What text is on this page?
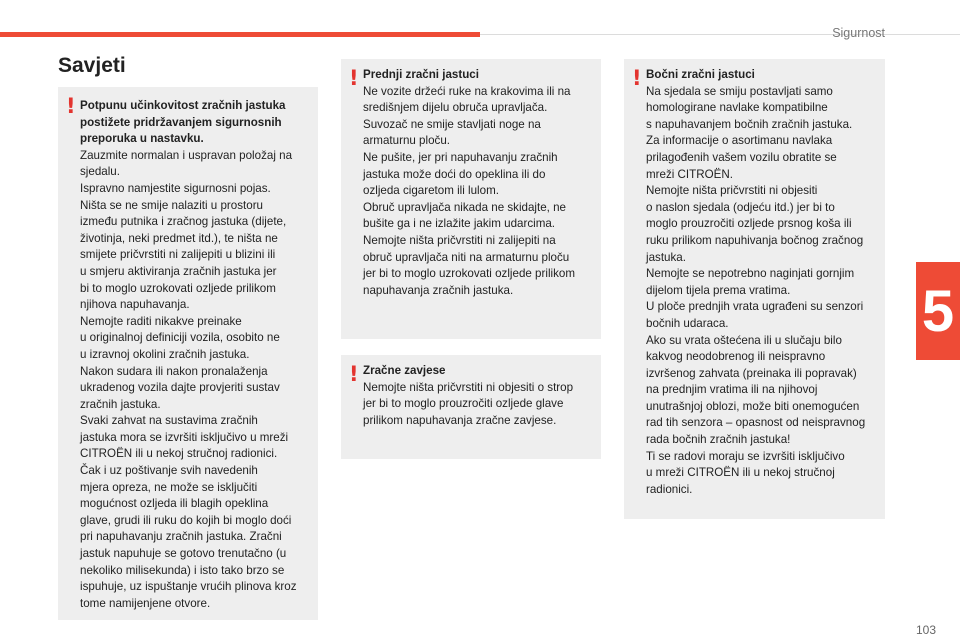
Sigurnost
5
Savjeti
! Potpunu učinkovitost zračnih jastuka
postižete pridržavanjem sigurnosnih
preporuka u nastavku.
Zauzmite normalan i uspravan položaj na
sjedalu.
Ispravno namjestite sigurnosni pojas.
Ništa se ne smije nalaziti u prostoru
između putnika i zračnog jastuka (dijete,
životinja, neki predmet itd.), te ništa ne
smijete pričvrstiti ni zalijepiti u blizini ili
u smjeru aktiviranja zračnih jastuka jer
bi to moglo uzrokovati ozljede prilikom
njihova napuhavanja.
Nemojte raditi nikakve preinake
u originalnoj definiciji vozila, osobito ne
u izravnoj okolini zračnih jastuka.
Nakon sudara ili nakon pronalaženja
ukradenog vozila dajte provjeriti sustav
zračnih jastuka.
Svaki zahvat na sustavima zračnih
jastuka mora se izvršiti isključivo u mreži
CITROËN ili u nekoj stručnoj radionici.
Čak i uz poštivanje svih navedenih
mjera opreza, ne može se isključiti
mogućnost ozljeda ili blagih opeklina
glave, grudi ili ruku do kojih bi moglo doći
pri napuhavanju zračnih jastuka. Zračni
jastuk napuhuje se gotovo trenutačno (u
nekoliko milisekunda) i isto tako brzo se
ispuhuje, uz ispuštanje vrućih plinova kroz
tome namijenjene otvore.

! Prednji zračni jastuci
Ne vozite držeći ruke na krakovima ili na
središnjem dijelu obruča upravljača.
Suvozač ne smije stavljati noge na
armaturnu ploču.
Ne pušite, jer pri napuhavanju zračnih
jastuka može doći do opeklina ili do
ozljeda cigaretom ili lulom.
Obruč upravljača nikada ne skidajte, ne
bušite ga i ne izlažite jakim udarcima.
Nemojte ništa pričvrstiti ni zalijepiti na
obruč upravljača niti na armaturnu ploču
jer bi to moglo uzrokovati ozljede prilikom
napuhavanja zračnih jastuka.

! Zračne zavjese
Nemojte ništa pričvrstiti ni objesiti o strop
jer bi to moglo prouzročiti ozljede glave
prilikom napuhavanja zračne zavjese.

! Bočni zračni jastuci
Na sjedala se smiju postavljati samo
homologirane navlake kompatibilne
s napuhavanjem bočnih zračnih jastuka.
Za informacije o asortimanu navlaka
prilagođenih vašem vozilu obratite se
mreži CITROËN.
Nemojte ništa pričvrstiti ni objesiti
o naslon sjedala (odjeću itd.) jer bi to
moglo prouzročiti ozljede prsnog koša ili
ruku prilikom napuhivanja bočnog zračnog
jastuka.
Nemojte se nepotrebno naginjati gornjim
dijelom tijela prema vratima.
U ploče prednjih vrata ugrađeni su senzori
bočnih udaraca.
Ako su vrata oštećena ili u slučaju bilo
kakvog neodobrenog ili neispravno
izvršenog zahvata (preinaka ili popravak)
na prednjim vratima ili na njihovoj
unutrašnjoj oblozi, može biti onemogućen
rad tih senzora – opasnost od neispravnog
rada bočnih zračnih jastuka!
Ti se radovi moraju se izvršiti isključivo
u mreži CITROËN ili u nekoj stručnoj
radionici.

103
